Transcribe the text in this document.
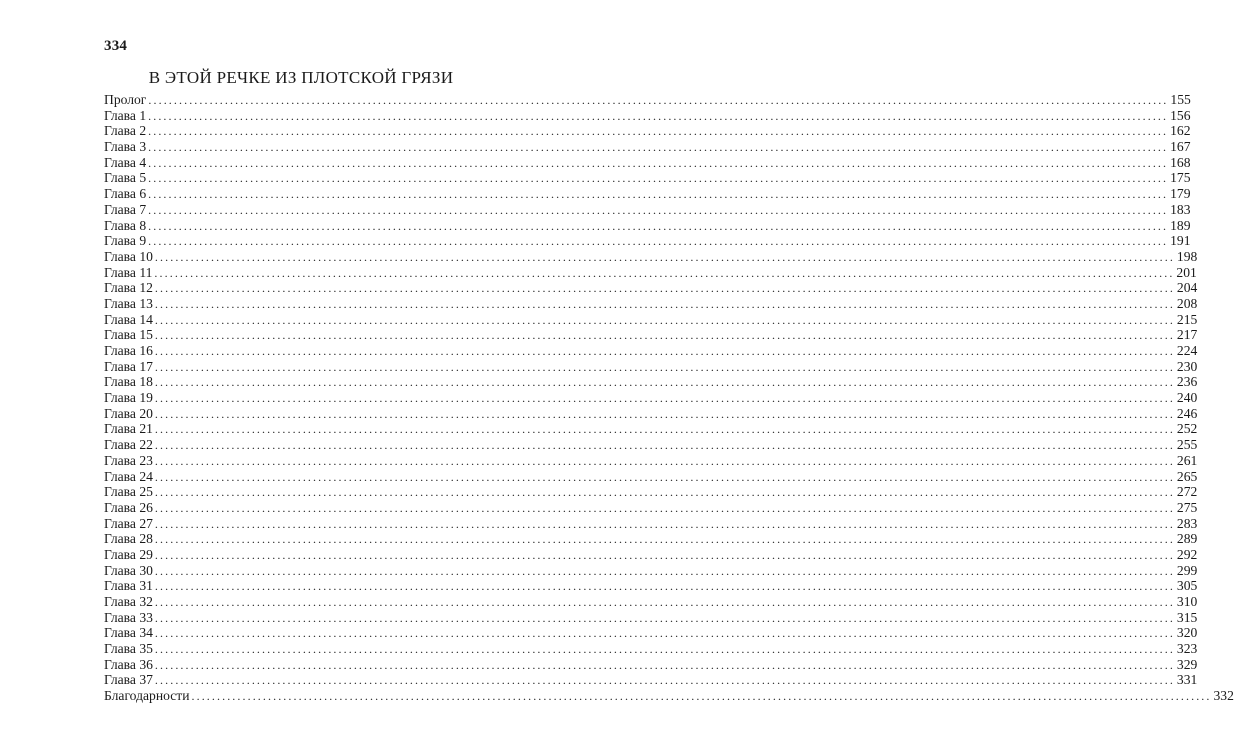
334
В ЭТОЙ РЕЧКЕ ИЗ ПЛОТСКОЙ ГРЯЗИ
Пролог ........................................................................................................................................................................................................ 155
Глава 1 ........................................................................................................................................................................................................ 156
Глава 2 ........................................................................................................................................................................................................ 162
Глава 3 ........................................................................................................................................................................................................ 167
Глава 4 ........................................................................................................................................................................................................ 168
Глава 5 ........................................................................................................................................................................................................ 175
Глава 6 ........................................................................................................................................................................................................ 179
Глава 7 ........................................................................................................................................................................................................ 183
Глава 8 ........................................................................................................................................................................................................ 189
Глава 9 ........................................................................................................................................................................................................ 191
Глава 10 ........................................................................................................................................................................................................ 198
Глава 11 ........................................................................................................................................................................................................ 201
Глава 12 ........................................................................................................................................................................................................ 204
Глава 13 ........................................................................................................................................................................................................ 208
Глава 14 ........................................................................................................................................................................................................ 215
Глава 15 ........................................................................................................................................................................................................ 217
Глава 16 ........................................................................................................................................................................................................ 224
Глава 17 ........................................................................................................................................................................................................ 230
Глава 18 ........................................................................................................................................................................................................ 236
Глава 19 ........................................................................................................................................................................................................ 240
Глава 20 ........................................................................................................................................................................................................ 246
Глава 21 ........................................................................................................................................................................................................ 252
Глава 22 ........................................................................................................................................................................................................ 255
Глава 23 ........................................................................................................................................................................................................ 261
Глава 24 ........................................................................................................................................................................................................ 265
Глава 25 ........................................................................................................................................................................................................ 272
Глава 26 ........................................................................................................................................................................................................ 275
Глава 27 ........................................................................................................................................................................................................ 283
Глава 28 ........................................................................................................................................................................................................ 289
Глава 29 ........................................................................................................................................................................................................ 292
Глава 30 ........................................................................................................................................................................................................ 299
Глава 31 ........................................................................................................................................................................................................ 305
Глава 32 ........................................................................................................................................................................................................ 310
Глава 33 ........................................................................................................................................................................................................ 315
Глава 34 ........................................................................................................................................................................................................ 320
Глава 35 ........................................................................................................................................................................................................ 323
Глава 36 ........................................................................................................................................................................................................ 329
Глава 37 ........................................................................................................................................................................................................ 331
Благодарности ........................................................................................................................................................................................................ 332
